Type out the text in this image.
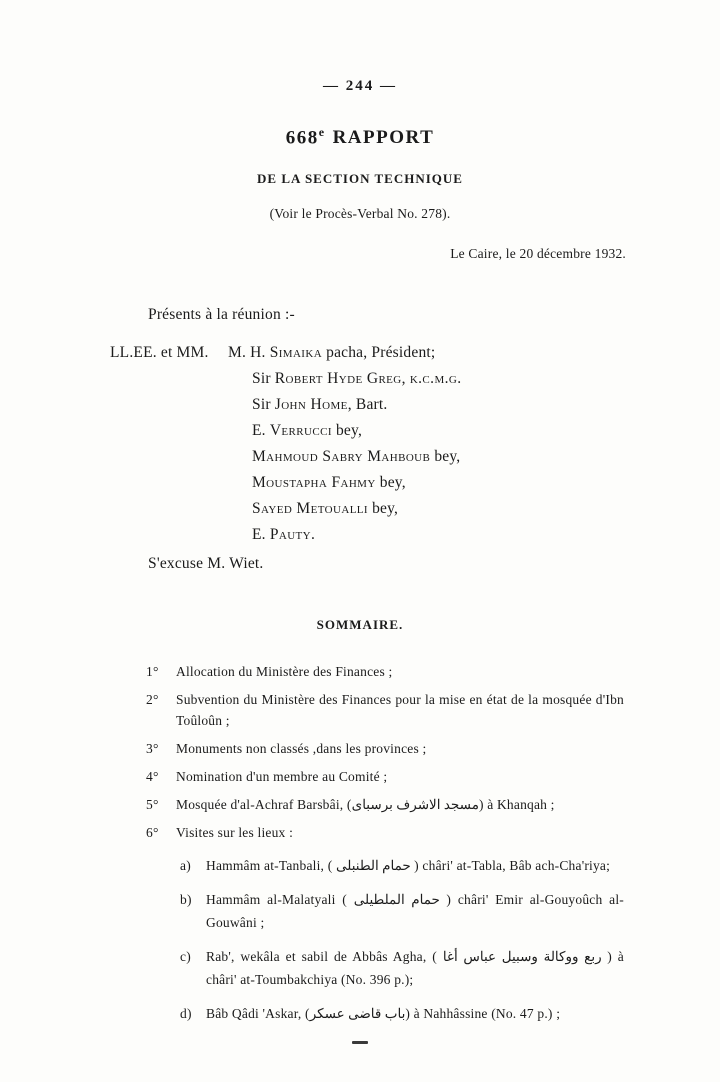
— 244 —
668e RAPPORT
DE LA SECTION TECHNIQUE
(Voir le Procès-Verbal No. 278).
Le Caire, le 20 décembre 1932.
Présents à la réunion :-
LL.EE. et MM.	M. H. Simaika pacha, Président;
Sir Robert Hyde Greg, k.c.m.g.
Sir John Home, Bart.
E. Verrucci bey,
Mahmoud Sabry Mahboub bey,
Moustapha Fahmy bey,
Sayed Metoualli bey,
E. Pauty.
S'excuse M. Wiet.
SOMMAIRE.
1°	Allocation du Ministère des Finances ;
2°	Subvention du Ministère des Finances pour la mise en état de la mosquée d'Ibn Toûloûn ;
3°	Monuments non classés ,dans les provinces ;
4°	Nomination d'un membre au Comité ;
5°	Mosquée d'al-Achraf Barsbâi, (مسجد الاشرف برسباى) à Khanqah ;
6°	Visites sur les lieux :
a)	Hammâm at-Tanbali, ( حمام الطنبلى ) châri' at-Tabla, Bâb ach-Cha'riya;
b)	Hammâm al-Malatyali ( حمام الملطيلى ) châri' Emir al-Gouyoûch al-Gouwâni ;
c)	Rab', wekâla et sabil de Abbâs Agha, ( ربع ووكالة وسبيل عباس أغا ) à châri' at-Toumbakchiya (No. 396 p.);
d)	Bâb Qâdi 'Askar, (باب قاضى عسكر) à Nahhâssine (No. 47 p.) ;
